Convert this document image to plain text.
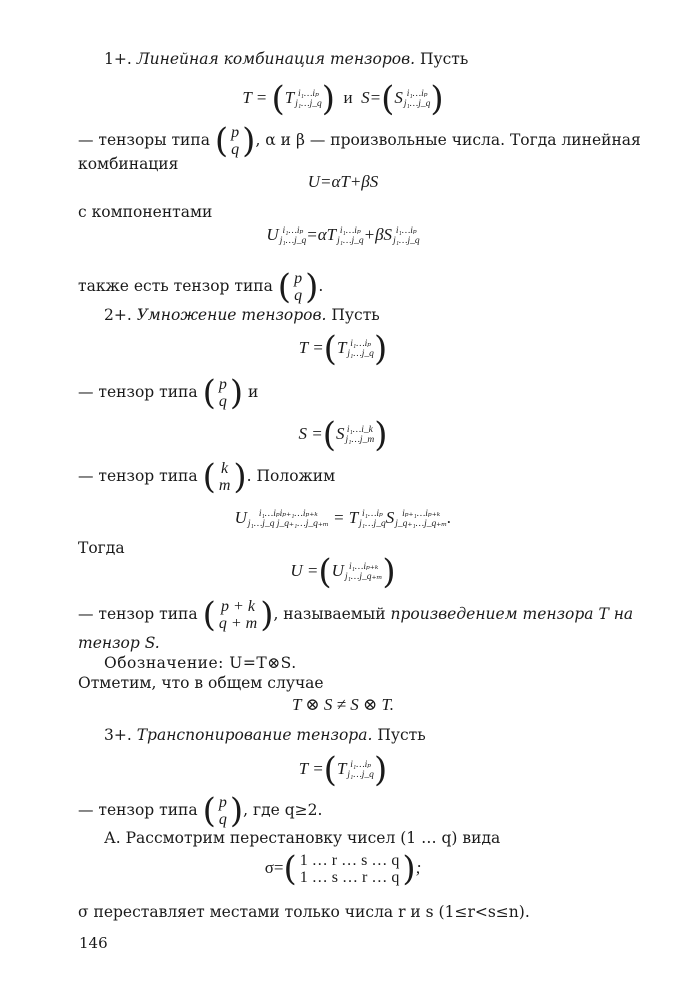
1+. Линейная комбинация тензоров. Пусть
T = (T i₁…iₚ
j₁…j_q ) и S=(S i₁…iₚ
j₁…j_q )
— тензоры типа ( p
q ), α и β — произвольные числа. Тогда линейная
комбинация
U=αT+βS
с компонентами
U i₁…iₚ
j₁…j_q =αT i₁…iₚ
j₁…j_q +βS i₁…iₚ
j₁…j_q
также есть тензор типа ( p
q ).
2+. Умножение тензоров. Пусть
T =(T i₁…iₚ
j₁…j_q )
— тензор типа ( p
q ) и
S =(S i₁…i_k
j₁…j_m )
— тензор типа ( k
m ). Положим
U	i₁…iₚiₚ₊₁…iₚ₊ₖ
j₁…j_q j_q₊₁…j_q₊ₘ = T i₁…iₚ
j₁…j_q S iₚ₊₁…iₚ₊ₖ
j_q₊₁…j_q₊ₘ .
Тогда
U =(U i₁…iₚ₊ₖ
j₁…j_q₊ₘ )
— тензор типа ( p + k
q + m ), называемый произведением тензора T на
тензор S.
Обозначение: U=T⊗S.
Отметим, что в общем случае
T ⊗ S ≠ S ⊗ T.
3+. Транспонирование тензора. Пусть
T =(T i₁…iₚ
j₁…j_q )
— тензор типа ( p
q ), где q≥2.
А. Рассмотрим перестановку чисел (1 … q) вида
σ=( 1 … r … s … q
1 … s … r … q );
σ переставляет местами только числа r и s (1≤r<s≤n).
146
